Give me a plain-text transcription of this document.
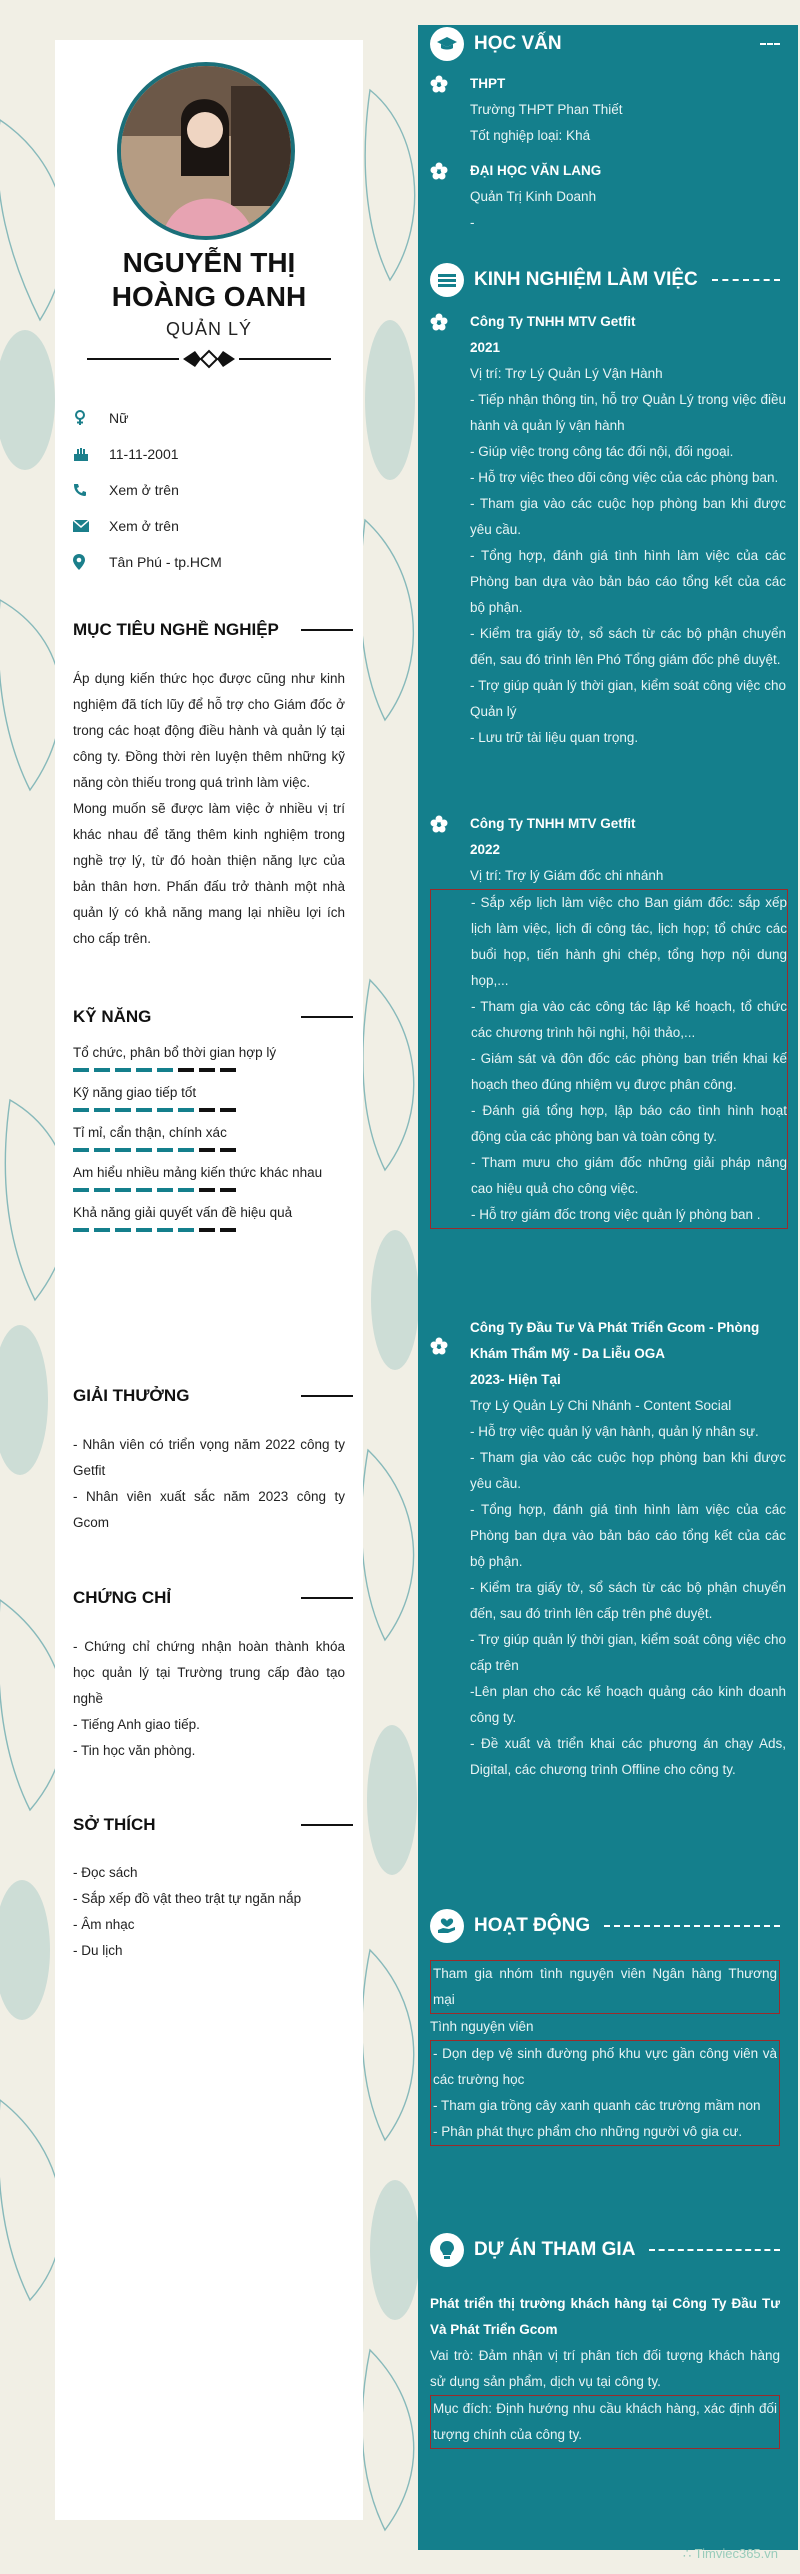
NGUYỄN THỊ
HOÀNG OANH
QUẢN LÝ
Nữ
11-11-2001
Xem ở trên
Xem ở trên
Tân Phú - tp.HCM
MỤC TIÊU NGHỀ NGHIỆP

Áp dụng kiến thức học được cũng như kinh nghiệm đã tích lũy để hỗ trợ cho Giám đốc ở trong các hoạt động điều hành và quản lý tại công ty. Đồng thời rèn luyện thêm những kỹ năng còn thiếu trong quá trình làm việc.

Mong muốn sẽ được làm việc ở nhiều vị trí khác nhau để tăng thêm kinh nghiệm trong nghề trợ lý, từ đó hoàn thiện năng lực của bản thân hơn. Phấn đấu trở thành một nhà quản lý có khả năng mang lại nhiều lợi ích cho cấp trên.

KỸ NĂNG
Tổ chức, phân bổ thời gian hợp lý
Kỹ năng giao tiếp tốt
Tỉ mỉ, cẩn thận, chính xác
Am hiểu nhiều mảng kiến thức khác nhau
Khả năng giải quyết vấn đề hiệu quả
GIẢI THƯỞNG
- Nhân viên có triển vọng năm 2022 công ty Getfit
- Nhân viên xuất sắc năm 2023 công ty Gcom
CHỨNG CHỈ
- Chứng chỉ chứng nhận hoàn thành khóa học quản lý tại Trường trung cấp đào tạo nghề
- Tiếng Anh giao tiếp.
- Tin học văn phòng.
SỞ THÍCH
- Đọc sách
- Sắp xếp đồ vật theo trật tự ngăn nắp
- Âm nhạc
- Du lịch
HỌC VẤN
THPT
Trường THPT Phan Thiết
Tốt nghiệp loại: Khá
ĐẠI HỌC VĂN LANG
Quản Trị Kinh Doanh
-
KINH NGHIỆM LÀM VIỆC
Công Ty TNHH MTV Getfit
2021
Vị trí: Trợ Lý Quản Lý Vận Hành
- Tiếp nhận thông tin, hỗ trợ Quản Lý trong việc điều hành và quản lý vận hành
- Giúp việc trong công tác đối nội, đối ngoại.
- Hỗ trợ việc theo dõi công việc của các phòng ban.
- Tham gia vào các cuộc họp phòng ban khi được yêu cầu.
- Tổng hợp, đánh giá tình hình làm việc của các Phòng ban dựa vào bản báo cáo tổng kết của các bộ phận.
- Kiểm tra giấy tờ, sổ sách từ các bộ phận chuyển đến, sau đó trình lên Phó Tổng giám đốc phê duyệt.
- Trợ giúp quản lý thời gian, kiểm soát công việc cho Quản lý
- Lưu trữ tài liệu quan trọng.
Công Ty TNHH MTV Getfit
2022
Vị trí: Trợ lý Giám đốc chi nhánh
- Sắp xếp lịch làm việc cho Ban giám đốc: sắp xếp lịch làm việc, lịch đi công tác, lịch họp; tổ chức các buổi họp, tiến hành ghi chép, tổng hợp nội dung họp,...
- Tham gia vào các công tác lập kế hoạch, tổ chức các chương trình hội nghị, hội thảo,...
- Giám sát và đôn đốc các phòng ban triển khai kế hoạch theo đúng nhiệm vụ được phân công.
- Đánh giá tổng hợp, lập báo cáo tình hình hoạt động của các phòng ban và toàn công ty.
- Tham mưu cho giám đốc những giải pháp nâng cao hiệu quả cho công việc.
- Hỗ trợ giám đốc trong việc quản lý phòng ban .
Công Ty Đầu Tư Và Phát Triển Gcom - Phòng Khám Thẩm Mỹ - Da Liễu OGA
2023- Hiện Tại
Trợ Lý Quản Lý Chi Nhánh - Content Social
- Hỗ trợ việc quản lý vận hành, quản lý nhân sự.
- Tham gia vào các cuộc họp phòng ban khi được yêu cầu.
- Tổng hợp, đánh giá tình hình làm việc của các Phòng ban dựa vào bản báo cáo tổng kết của các bộ phận.
- Kiểm tra giấy tờ, sổ sách từ các bộ phận chuyển đến, sau đó trình lên cấp trên phê duyệt.
- Trợ giúp quản lý thời gian, kiểm soát công việc cho cấp trên
-Lên plan cho các kế hoạch quảng cáo kinh doanh công ty.
- Đề xuất và triển khai các phương án chạy Ads, Digital, các chương trình Offline cho công ty.
HOẠT ĐỘNG
Tham gia nhóm tình nguyện viên Ngân hàng Thương mại
Tình nguyện viên
- Dọn dẹp vệ sinh đường phố khu vực gần công viên và các trường học
- Tham gia trồng cây xanh quanh các trường mầm non
- Phân phát thực phẩm cho những người vô gia cư.
DỰ ÁN THAM GIA
Phát triển thị trường khách hàng tại Công Ty Đầu Tư Và Phát Triển Gcom
Vai trò: Đảm nhận vị trí phân tích đối tượng khách hàng sử dụng sản phẩm, dịch vụ tại công ty.
Mục đích: Định hướng nhu cầu khách hàng, xác định đối tượng chính của công ty.
∴ Timviec365.vn
